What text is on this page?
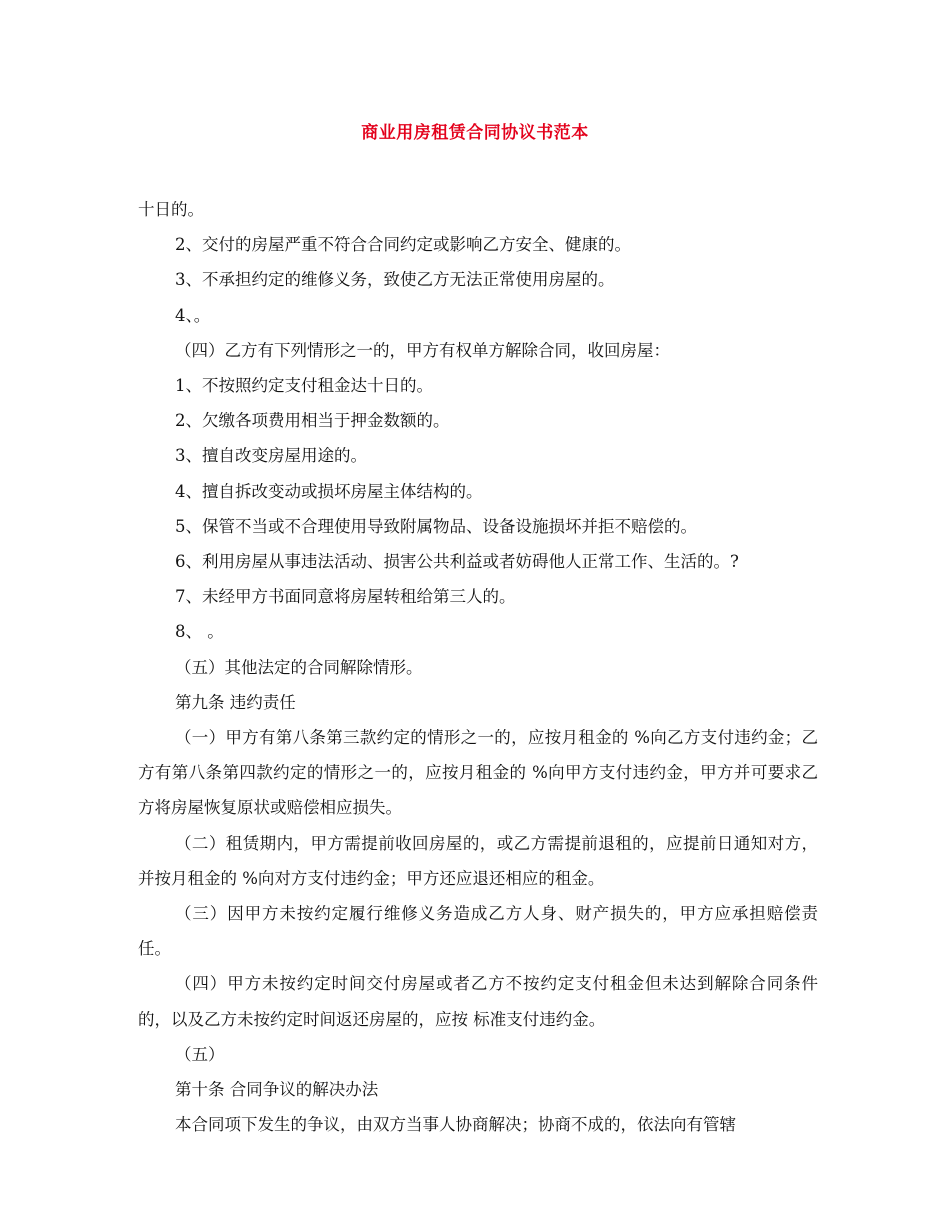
商业用房租赁合同协议书范本

十日的。

2、交付的房屋严重不符合合同约定或影响乙方安全、健康的。

3、不承担约定的维修义务，致使乙方无法正常使用房屋的。

4、。

（四）乙方有下列情形之一的，甲方有权单方解除合同，收回房屋：

1、不按照约定支付租金达十日的。

2、欠缴各项费用相当于押金数额的。

3、擅自改变房屋用途的。

4、擅自拆改变动或损坏房屋主体结构的。

5、保管不当或不合理使用导致附属物品、设备设施损坏并拒不赔偿的。

6、利用房屋从事违法活动、损害公共利益或者妨碍他人正常工作、生活的。?

7、未经甲方书面同意将房屋转租给第三人的。

8、 。

（五）其他法定的合同解除情形。

第九条 违约责任

（一）甲方有第八条第三款约定的情形之一的，应按月租金的 %向乙方支付违约金；乙方有第八条第四款约定的情形之一的，应按月租金的 %向甲方支付违约金，甲方并可要求乙方将房屋恢复原状或赔偿相应损失。

（二）租赁期内，甲方需提前收回房屋的，或乙方需提前退租的，应提前日通知对方，并按月租金的 %向对方支付违约金；甲方还应退还相应的租金。

（三）因甲方未按约定履行维修义务造成乙方人身、财产损失的，甲方应承担赔偿责任。

（四）甲方未按约定时间交付房屋或者乙方不按约定支付租金但未达到解除合同条件的，以及乙方未按约定时间返还房屋的，应按 标准支付违约金。

（五）

第十条 合同争议的解决办法

本合同项下发生的争议，由双方当事人协商解决；协商不成的，依法向有管辖
